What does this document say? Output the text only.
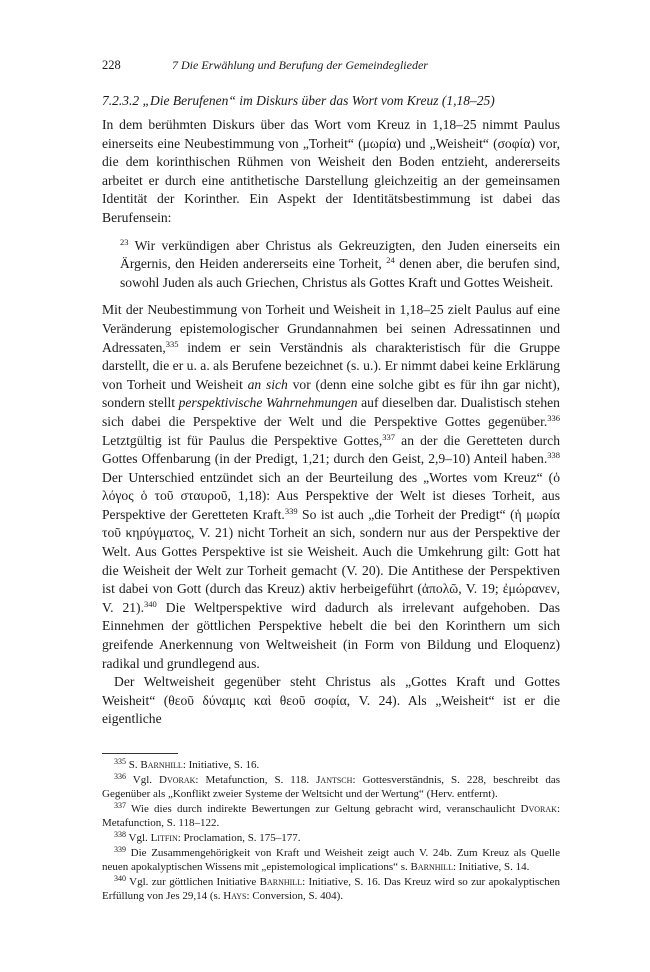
228	7 Die Erwählung und Berufung der Gemeindeglieder
7.2.3.2 „Die Berufenen“ im Diskurs über das Wort vom Kreuz (1,18–25)

In dem berühmten Diskurs über das Wort vom Kreuz in 1,18–25 nimmt Paulus einerseits eine Neubestimmung von „Torheit“ (μωρία) und „Weisheit“ (σοφία) vor, die dem korinthischen Rühmen von Weisheit den Boden entzieht, andererseits arbeitet er durch eine antithetische Darstellung gleichzeitig an der gemeinsamen Identität der Korinther. Ein Aspekt der Identitätsbestimmung ist dabei das Berufensein:

$^{23}$ Wir verkündigen aber Christus als Gekreuzigten, den Juden einerseits ein Ärgernis, den Heiden andererseits eine Torheit, $^{24}$ denen aber, die berufen sind, sowohl Juden als auch Griechen, Christus als Gottes Kraft und Gottes Weisheit.

Mit der Neubestimmung von Torheit und Weisheit in 1,18–25 zielt Paulus auf eine Veränderung epistemologischer Grundannahmen bei seinen Adressatinnen und Adressaten,$^{335}$ indem er sein Verständnis als charakteristisch für die Gruppe darstellt, die er u. a. als Berufene bezeichnet (s. u.). Er nimmt dabei keine Erklärung von Torheit und Weisheit an sich vor (denn eine solche gibt es für ihn gar nicht), sondern stellt perspektivische Wahrnehmungen auf dieselben dar. Dualistisch stehen sich dabei die Perspektive der Welt und die Perspektive Gottes gegenüber.$^{336}$ Letztgültig ist für Paulus die Perspektive Gottes,$^{337}$ an der die Geretteten durch Gottes Offenbarung (in der Predigt, 1,21; durch den Geist, 2,9–10) Anteil haben.$^{338}$ Der Unterschied entzündet sich an der Beurteilung des „Wortes vom Kreuz“ (ὁ λόγος ὁ τοῦ σταυροῦ, 1,18): Aus Perspektive der Welt ist dieses Torheit, aus Perspektive der Geretteten Kraft.$^{339}$ So ist auch „die Torheit der Predigt“ (ἡ μωρία τοῦ κηρύγματος, V. 21) nicht Torheit an sich, sondern nur aus der Perspektive der Welt. Aus Gottes Perspektive ist sie Weisheit. Auch die Umkehrung gilt: Gott hat die Weisheit der Welt zur Torheit gemacht (V. 20). Die Antithese der Perspektiven ist dabei von Gott (durch das Kreuz) aktiv herbeigeführt (ἀπολῶ, V. 19; ἐμώρανεν, V. 21).$^{340}$ Die Weltperspektive wird dadurch als irrelevant aufgehoben. Das Einnehmen der göttlichen Perspektive hebelt die bei den Korinthern um sich greifende Anerkennung von Weltweisheit (in Form von Bildung und Eloquenz) radikal und grundlegend aus.

Der Weltweisheit gegenüber steht Christus als „Gottes Kraft und Gottes Weisheit“ (θεοῦ δύναμις καὶ θεοῦ σοφία, V. 24). Als „Weisheit“ ist er die eigentliche

$^{335}$ S. Barnhill: Initiative, S. 16.

$^{336}$ Vgl. Dvorak: Metafunction, S. 118. Jantsch: Gottesverständnis, S. 228, beschreibt das Gegenüber als „Konflikt zweier Systeme der Weltsicht und der Wertung“ (Herv. entfernt).

$^{337}$ Wie dies durch indirekte Bewertungen zur Geltung gebracht wird, veranschaulicht Dvorak: Metafunction, S. 118–122.

$^{338}$ Vgl. Litfin: Proclamation, S. 175–177.

$^{339}$ Die Zusammengehörigkeit von Kraft und Weisheit zeigt auch V. 24b. Zum Kreuz als Quelle neuen apokalyptischen Wissens mit „epistemological implications“ s. Barnhill: Initiative, S. 14.

$^{340}$ Vgl. zur göttlichen Initiative Barnhill: Initiative, S. 16. Das Kreuz wird so zur apokalyptischen Erfüllung von Jes 29,14 (s. Hays: Conversion, S. 404).
